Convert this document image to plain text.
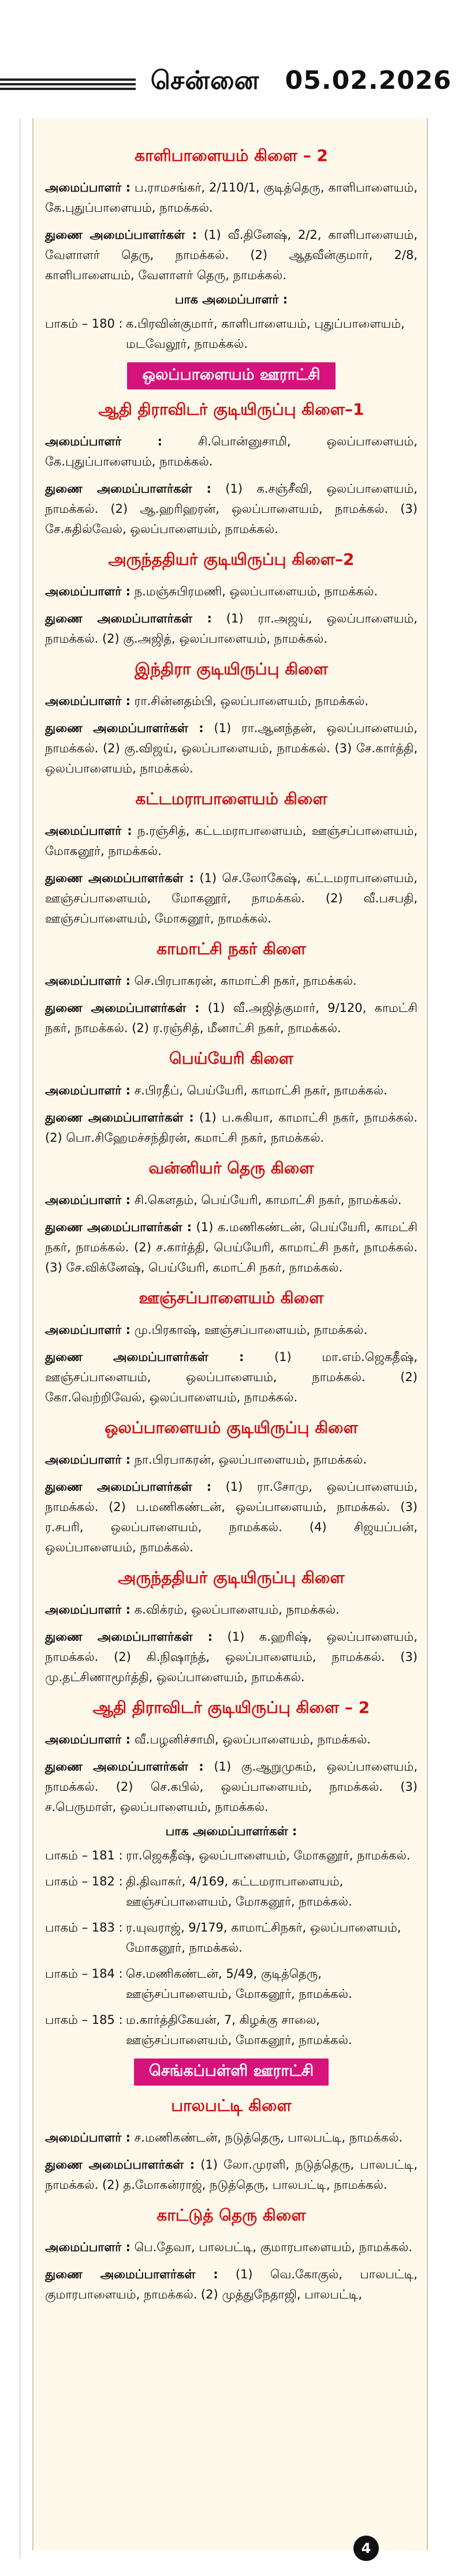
சென்னை 05.02.2026
காளிபாளையம் கிளை – 2
அமைப்பாளர் : ப.ராமசங்கர், 2/110/1, குடித்தெரு, காளிபாளையம், கே.புதுப்பாளையம், நாமக்கல்.
துணை அமைப்பாளர்கள் : (1) வீ.தினேஷ், 2/2, காளிபாளையம், வேளாளர் தெரு, நாமக்கல். (2) ஆதவீன்குமார், 2/8, காளிபாளையம், வேளாளர் தெரு, நாமக்கல்.
பாக அமைப்பாளர் :
பாகம் – 180 : க.பிரவின்குமார், காளிபாளையம், புதுப்பாளையம், மடவேலூர், நாமக்கல்.
ஒலப்பாளையம் ஊராட்சி
ஆதி திராவிடர் குடியிருப்பு கிளை–1
அமைப்பாளர் : சி.பொன்னுசாமி, ஒலப்பாளையம், கே.புதுப்பாளையம், நாமக்கல்.
துணை அமைப்பாளர்கள் : (1) க.சஞ்சீவி, ஒலப்பாளையம், நாமக்கல். (2) ஆ.ஹரிஹரன், ஒலப்பாளையம், நாமக்கல். (3) சே.சுதில்வேல், ஒலப்பாளையம், நாமக்கல்.
அருந்ததியர் குடியிருப்பு கிளை–2
அமைப்பாளர் : ந.மஞ்சுபிரமணி, ஒலப்பாளையம், நாமக்கல்.
துணை அமைப்பாளர்கள் : (1) ரா.அஜய், ஒலப்பாளையம், நாமக்கல். (2) கு.அஜித், ஒலப்பாளையம், நாமக்கல்.
இந்திரா குடியிருப்பு கிளை
அமைப்பாளர் : ரா.சின்னதம்பி, ஒலப்பாளையம், நாமக்கல்.
துணை அமைப்பாளர்கள் : (1) ரா.ஆனந்தன், ஒலப்பாளையம், நாமக்கல். (2) கு.விஜய், ஒலப்பாளையம், நாமக்கல். (3) சே.கார்த்தி, ஒலப்பாளையம், நாமக்கல்.
கட்டமராபாளையம் கிளை
அமைப்பாளர் : ந.ரஞ்சித், கட்டமராபாளையம், ஊஞ்சப்பாளையம், மோகனூர், நாமக்கல்.
துணை அமைப்பாளர்கள் : (1) செ.லோகேஷ், கட்டமராபாளையம், ஊஞ்சப்பாளையம், மோகனூர், நாமக்கல். (2) வீ.பசபதி, ஊஞ்சப்பாளையம், மோகனூர், நாமக்கல்.
காமாட்சி நகர் கிளை
அமைப்பாளர் : செ.பிரபாகரன், காமாட்சி நகர், நாமக்கல்.
துணை அமைப்பாளர்கள் : (1) வீ.அஜித்குமார், 9/120, காமட்சி நகர், நாமக்கல். (2) ர.ரஞ்சித், மீனாட்சி நகர், நாமக்கல்.
பெய்யேரி கிளை
அமைப்பாளர் : ச.பிரதீப், பெய்யேரி, காமாட்சி நகர், நாமக்கல்.
துணை அமைப்பாளர்கள் : (1) ப.சுகியா, காமாட்சி நகர், நாமக்கல். (2) பொ.சிஹேமச்சந்திரன், கமாட்சி நகர், நாமக்கல்.
வன்னியர் தெரு கிளை
அமைப்பாளர் : சி.கௌதம், பெய்யேரி, காமாட்சி நகர், நாமக்கல்.
துணை அமைப்பாளர்கள் : (1) க.மணிகண்டன், பெய்யேரி, காமட்சி நகர், நாமக்கல். (2) ச.கார்த்தி, பெய்யேரி, காமாட்சி நகர், நாமக்கல். (3) சே.விக்னேஷ், பெய்யேரி, கமாட்சி நகர், நாமக்கல்.
ஊஞ்சப்பாளையம் கிளை
அமைப்பாளர் : மு.பிரகாஷ், ஊஞ்சப்பாளையம், நாமக்கல்.
துணை அமைப்பாளர்கள் : (1) மா.எம்.ஜெகதீஷ், ஊஞ்சப்பாளையம், ஒலப்பாளையம், நாமக்கல். (2) கோ.வெற்றிவேல், ஒலப்பாளையம், நாமக்கல்.
ஒலப்பாளையம் குடியிருப்பு கிளை
அமைப்பாளர் : நா.பிரபாகரன், ஒலப்பாளையம், நாமக்கல்.
துணை அமைப்பாளர்கள் : (1) ரா.சோமு, ஒலப்பாளையம், நாமக்கல். (2) ப.மணிகண்டன், ஒலப்பாளையம், நாமக்கல். (3) ர.சபரி, ஒலப்பாளையம், நாமக்கல். (4) சிஜயப்பன், ஒலப்பாளையம், நாமக்கல்.
அருந்ததியர் குடியிருப்பு கிளை
அமைப்பாளர் : க.விக்ரம், ஒலப்பாளையம், நாமக்கல்.
துணை அமைப்பாளர்கள் : (1) க.ஹரிஷ், ஒலப்பாளையம், நாமக்கல். (2) கி.நிஷாந்த், ஒலப்பாளையம், நாமக்கல். (3) மு.தட்சிணாமூர்த்தி, ஒலப்பாளையம், நாமக்கல்.
ஆதி திராவிடர் குடியிருப்பு கிளை – 2
அமைப்பாளர் : வீ.பழனிச்சாமி, ஒலப்பாளையம், நாமக்கல்.
துணை அமைப்பாளர்கள் : (1) கு.ஆறுமுகம், ஒலப்பாளையம், நாமக்கல். (2) செ.கபில், ஒலப்பாளையம், நாமக்கல். (3) ச.பெருமாள், ஒலப்பாளையம், நாமக்கல்.
பாக அமைப்பாளர்கள் :
பாகம் – 181 : ரா.ஜெகதீஷ், ஒலப்பாளையம், மோகனூர், நாமக்கல்.
பாகம் – 182 : தி.திவாகர், 4/169, கட்டமராபாளையம், ஊஞ்சப்பாளையம், மோகனூர், நாமக்கல்.
பாகம் – 183 : ர.யுவராஜ், 9/179, காமாட்சிநகர், ஒலப்பாளையம், மோகனூர், நாமக்கல்.
பாகம் – 184 : செ.மணிகண்டன், 5/49, குடித்தெரு, ஊஞ்சப்பாளையம், மோகனூர், நாமக்கல்.
பாகம் – 185 : ம.கார்த்திகேயன், 7, கிழக்கு சாலை, ஊஞ்சப்பாளையம், மோகனூர், நாமக்கல்.
செங்கப்பள்ளி ஊராட்சி
பாலபட்டி கிளை
அமைப்பாளர் : ச.மணிகண்டன், நடுத்தெரு, பாலபட்டி, நாமக்கல்.
துணை அமைப்பாளர்கள் : (1) லோ.முரளி, நடுத்தெரு, பாலபட்டி, நாமக்கல். (2) த.மோகன்ராஜ், நடுத்தெரு, பாலபட்டி, நாமக்கல்.
காட்டுத் தெரு கிளை
அமைப்பாளர் : பெ.தேவா, பாலபட்டி, குமாரபாளையம், நாமக்கல்.
துணை அமைப்பாளர்கள் : (1) வெ.கோகுல், பாலபட்டி, குமாரபாளையம், நாமக்கல். (2) முத்துநேதாஜி, பாலபட்டி,
4
